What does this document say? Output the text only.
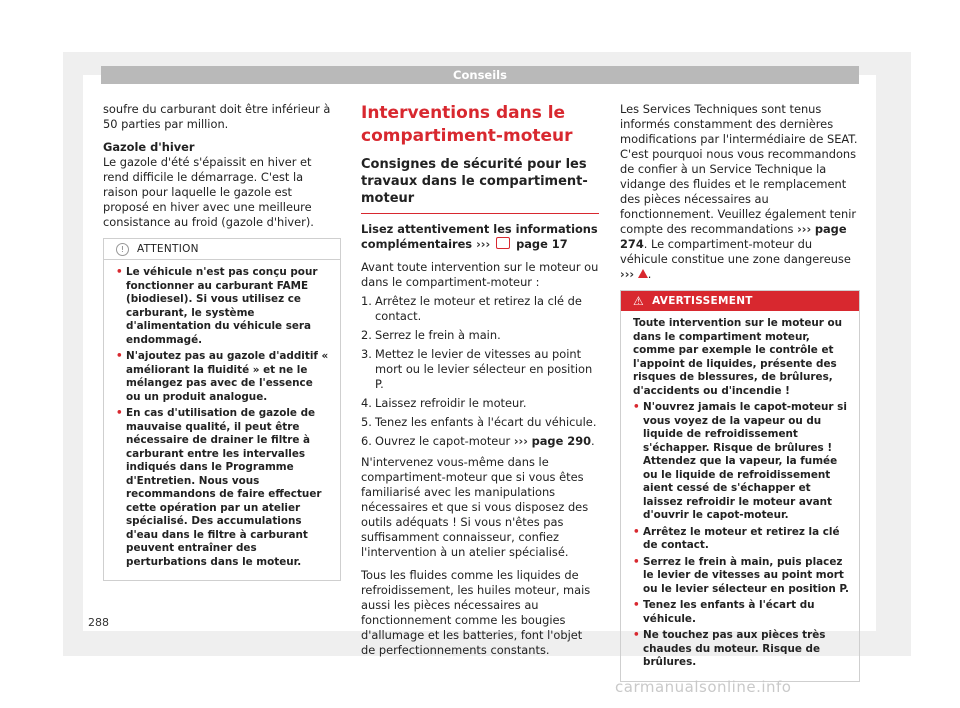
Conseils

soufre du carburant doit être inférieur à 50 parties par million.

Gazole d'hiver

Le gazole d'été s'épaissit en hiver et rend difficile le démarrage. C'est la raison pour laquelle le gazole est proposé en hiver avec une meilleure consistance au froid (gazole d'hiver).

!	ATTENTION
• Le véhicule n'est pas conçu pour fonctionner au carburant FAME (biodiesel). Si vous utilisez ce carburant, le système d'alimentation du véhicule sera endommagé.
• N'ajoutez pas au gazole d'additif « améliorant la fluidité » et ne le mélangez pas avec de l'essence ou un produit analogue.
• En cas d'utilisation de gazole de mauvaise qualité, il peut être nécessaire de drainer le filtre à carburant entre les intervalles indiqués dans le Programme d'Entretien. Nous vous recommandons de faire effectuer cette opération par un atelier spécialisé. Des accumulations d'eau dans le filtre à carburant peuvent entraîner des perturbations dans le moteur.
Interventions dans le compartiment-moteur
Consignes de sécurité pour les travaux dans le compartiment-moteur

Lisez attentivement les informations complémentaires ››› page 17

Avant toute intervention sur le moteur ou dans le compartiment-moteur :

1. Arrêtez le moteur et retirez la clé de contact.
2. Serrez le frein à main.
3. Mettez le levier de vitesses au point mort ou le levier sélecteur en position P.
4. Laissez refroidir le moteur.
5. Tenez les enfants à l'écart du véhicule.
6. Ouvrez le capot-moteur ››› page 290.

N'intervenez vous-même dans le compartiment-moteur que si vous êtes familiarisé avec les manipulations nécessaires et que si vous disposez des outils adéquats ! Si vous n'êtes pas suffisamment connaisseur, confiez l'intervention à un atelier spécialisé.

Tous les fluides comme les liquides de refroidissement, les huiles moteur, mais aussi les pièces nécessaires au fonctionnement comme les bougies d'allumage et les batteries, font l'objet de perfectionnements constants.

Les Services Techniques sont tenus informés constamment des dernières modifications par l'intermédiaire de SEAT. C'est pourquoi nous vous recommandons de confier à un Service Technique la vidange des fluides et le remplacement des pièces nécessaires au fonctionnement. Veuillez également tenir compte des recommandations ››› page 274. Le compartiment-moteur du véhicule constitue une zone dangereuse ››› .

⚠ AVERTISSEMENT
Toute intervention sur le moteur ou dans le compartiment moteur, comme par exemple le contrôle et l'appoint de liquides, présente des risques de blessures, de brûlures, d'accidents ou d'incendie !
• N'ouvrez jamais le capot-moteur si vous voyez de la vapeur ou du liquide de refroidissement s'échapper. Risque de brûlures ! Attendez que la vapeur, la fumée ou le liquide de refroidissement aient cessé de s'échapper et laissez refroidir le moteur avant d'ouvrir le capot-moteur.
• Arrêtez le moteur et retirez la clé de contact.
• Serrez le frein à main, puis placez le levier de vitesses au point mort ou le levier sélecteur en position P.
• Tenez les enfants à l'écart du véhicule.
• Ne touchez pas aux pièces très chaudes du moteur. Risque de brûlures.
288
carmanualsonline.info
